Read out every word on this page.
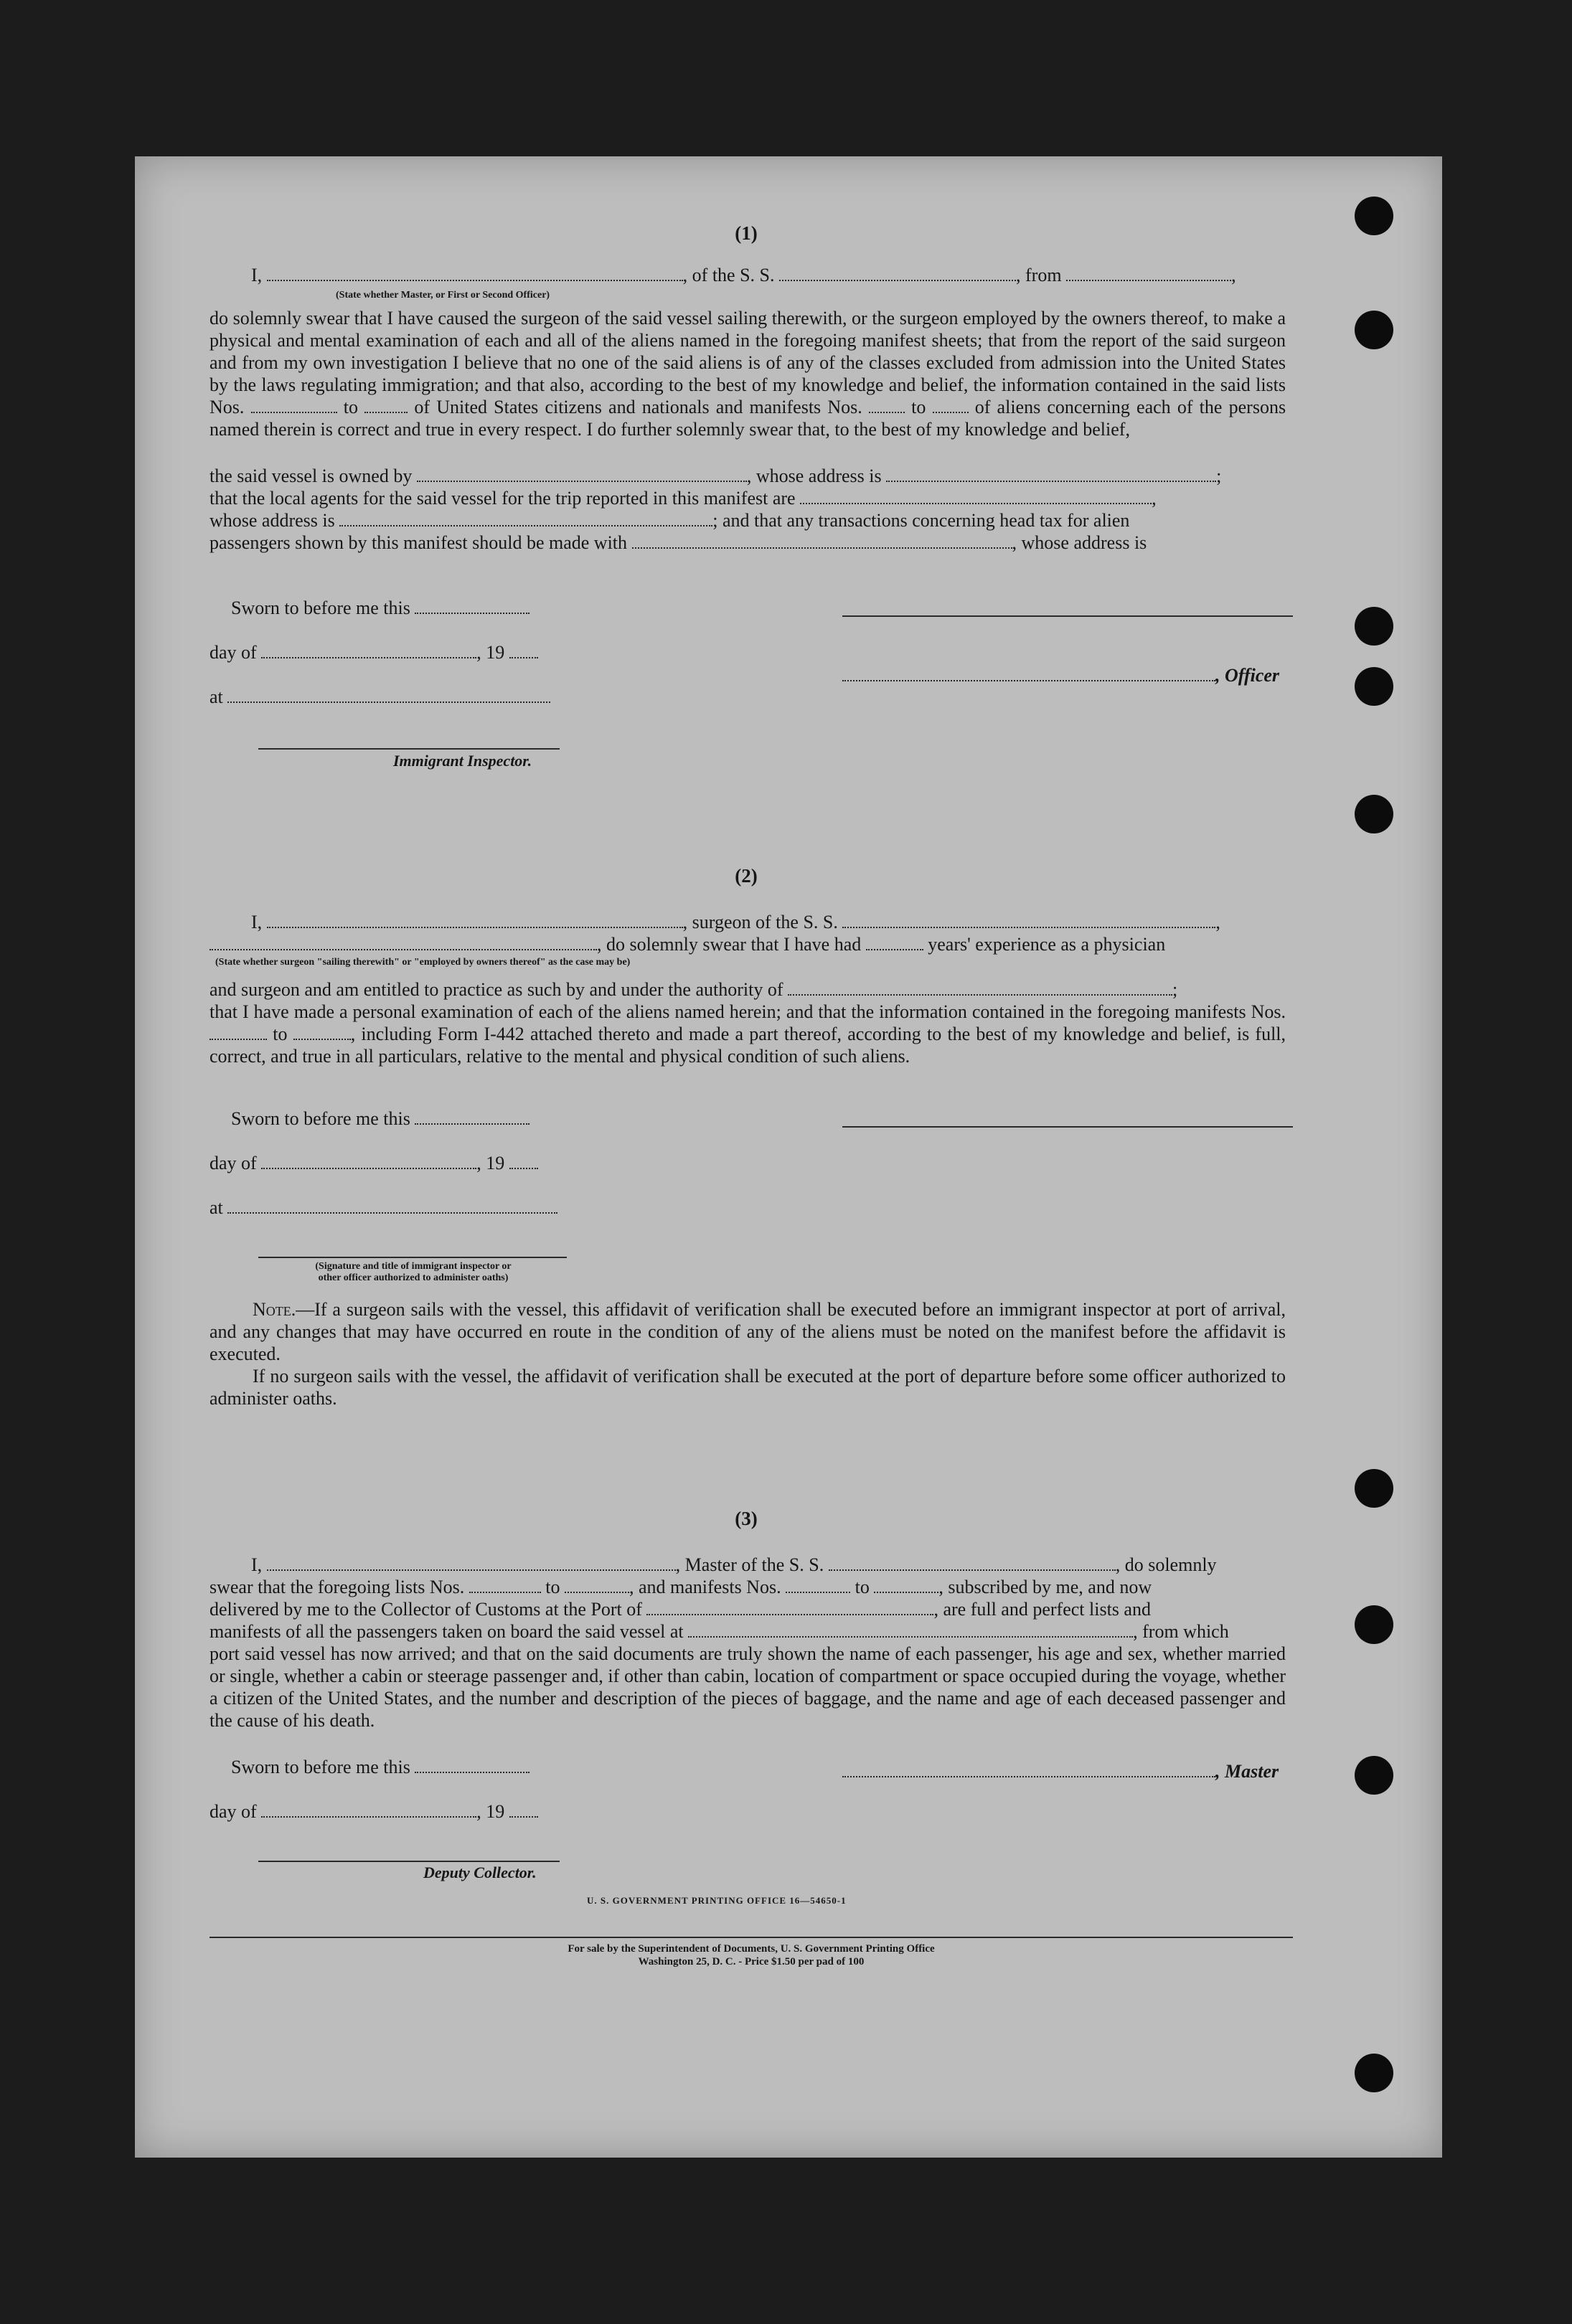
(1)
I,	, of the S. S.	, from	,
(State whether Master, or First or Second Officer)
do solemnly swear that I have caused the surgeon of the said vessel sailing therewith, or the surgeon employed by the owners thereof, to make a physical and mental examination of each and all of the aliens named in the foregoing manifest sheets; that from the report of the said surgeon and from my own investigation I believe that no one of the said aliens is of any of the classes excluded from admission into the United States by the laws regulating immigration; and that also, according to the best of my knowledge and belief, the information contained in the said lists Nos.	to	of United States citizens and nationals and manifests Nos.	to	of aliens concerning each of the persons named therein is correct and true in every respect. I do further solemnly swear that, to the best of my knowledge and belief,
the said vessel is owned by	, whose address is	;
that the local agents for the said vessel for the trip reported in this manifest are	,
whose address is	; and that any transactions concerning head tax for alien
passengers shown by this manifest should be made with	, whose address is
Sworn to before me this
day of	, 19
, Officer
at
Immigrant Inspector.
(2)
I,	, surgeon of the S. S.	,
, do solemnly swear that I have had	years' experience as a physician
(State whether surgeon "sailing therewith" or "employed by owners thereof" as the case may be)
and surgeon and am entitled to practice as such by and under the authority of	;
that I have made a personal examination of each of the aliens named herein; and that the information contained in the foregoing manifests Nos.  to	, including Form I-442 attached thereto and made a part thereof, according to the best of my knowledge and belief, is full, correct, and true in all particulars, relative to the mental and physical condition of such aliens.
Sworn to before me this
day of	, 19
at
(Signature and title of immigrant inspector or
other officer authorized to administer oaths)
Note.—If a surgeon sails with the vessel, this affidavit of verification shall be executed before an immigrant inspector at port of arrival, and any changes that may have occurred en route in the condition of any of the aliens must be noted on the manifest before the affidavit is executed.
If no surgeon sails with the vessel, the affidavit of verification shall be executed at the port of departure before some officer authorized to administer oaths.
(3)
I,	, Master of the S. S.	, do solemnly
swear that the foregoing lists Nos.	to	, and manifests Nos.	to	, subscribed by me, and now
delivered by me to the Collector of Customs at the Port of	, are full and perfect lists and
manifests of all the passengers taken on board the said vessel at	, from which
port said vessel has now arrived; and that on the said documents are truly shown the name of each passenger, his age and sex, whether married or single, whether a cabin or steerage passenger and, if other than cabin, location of compartment or space occupied during the voyage, whether a citizen of the United States, and the number and description of the pieces of baggage, and the name and age of each deceased passenger and the cause of his death.
Sworn to before me this	, Master
day of	, 19
Deputy Collector.
U. S. GOVERNMENT PRINTING OFFICE 16—54650-1
For sale by the Superintendent of Documents, U. S. Government Printing Office
Washington 25, D. C. - Price $1.50 per pad of 100
